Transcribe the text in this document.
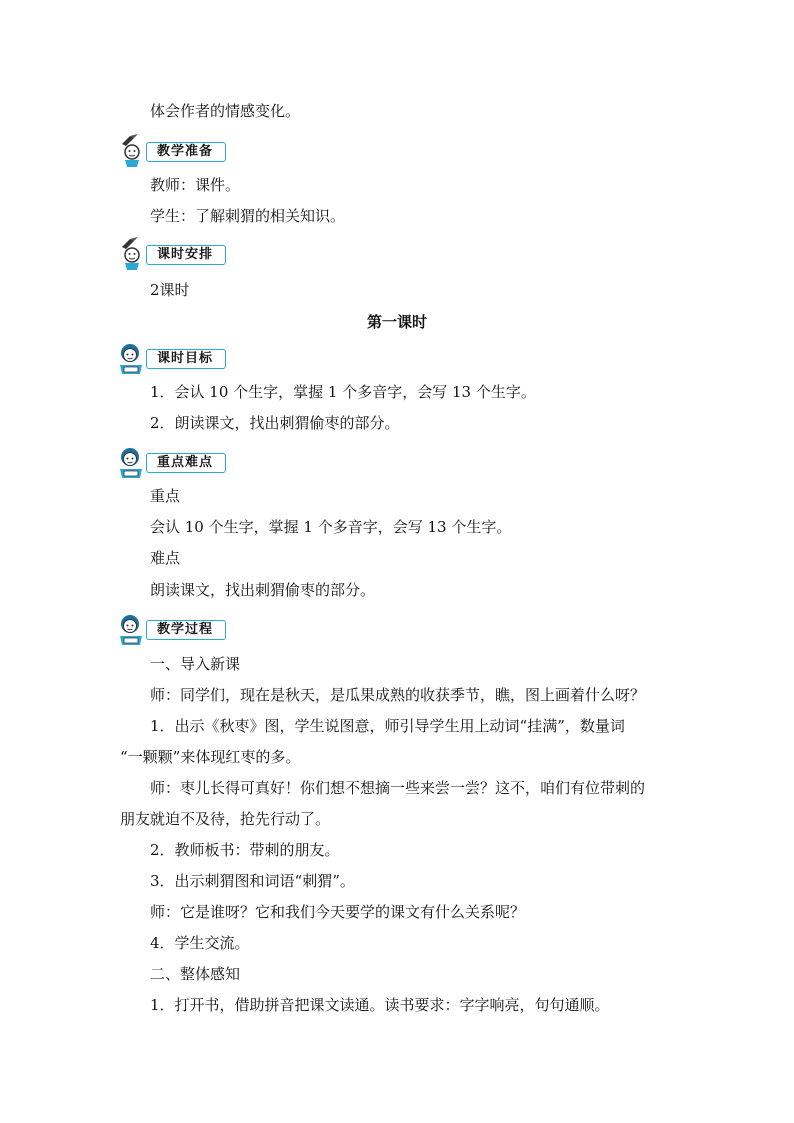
体会作者的情感变化。
教学准备
教师：课件。
学生：了解刺猬的相关知识。
课时安排
2课时
第一课时
课时目标
1．会认 10 个生字，掌握 1 个多音字，会写 13 个生字。
2．朗读课文，找出刺猬偷枣的部分。
重点难点
重点
会认 10 个生字，掌握 1 个多音字，会写 13 个生字。
难点
朗读课文，找出刺猬偷枣的部分。
教学过程
一、导入新课
师：同学们，现在是秋天，是瓜果成熟的收获季节，瞧，图上画着什么呀？
1．出示《秋枣》图，学生说图意，师引导学生用上动词“挂满”，数量词
“一颗颗”来体现红枣的多。
师：枣儿长得可真好！你们想不想摘一些来尝一尝？这不，咱们有位带刺的
朋友就迫不及待，抢先行动了。
2．教师板书：带刺的朋友。
3．出示刺猬图和词语“刺猬”。
师：它是谁呀？它和我们今天要学的课文有什么关系呢？
4．学生交流。
二、整体感知
1．打开书，借助拼音把课文读通。读书要求：字字响亮，句句通顺。
